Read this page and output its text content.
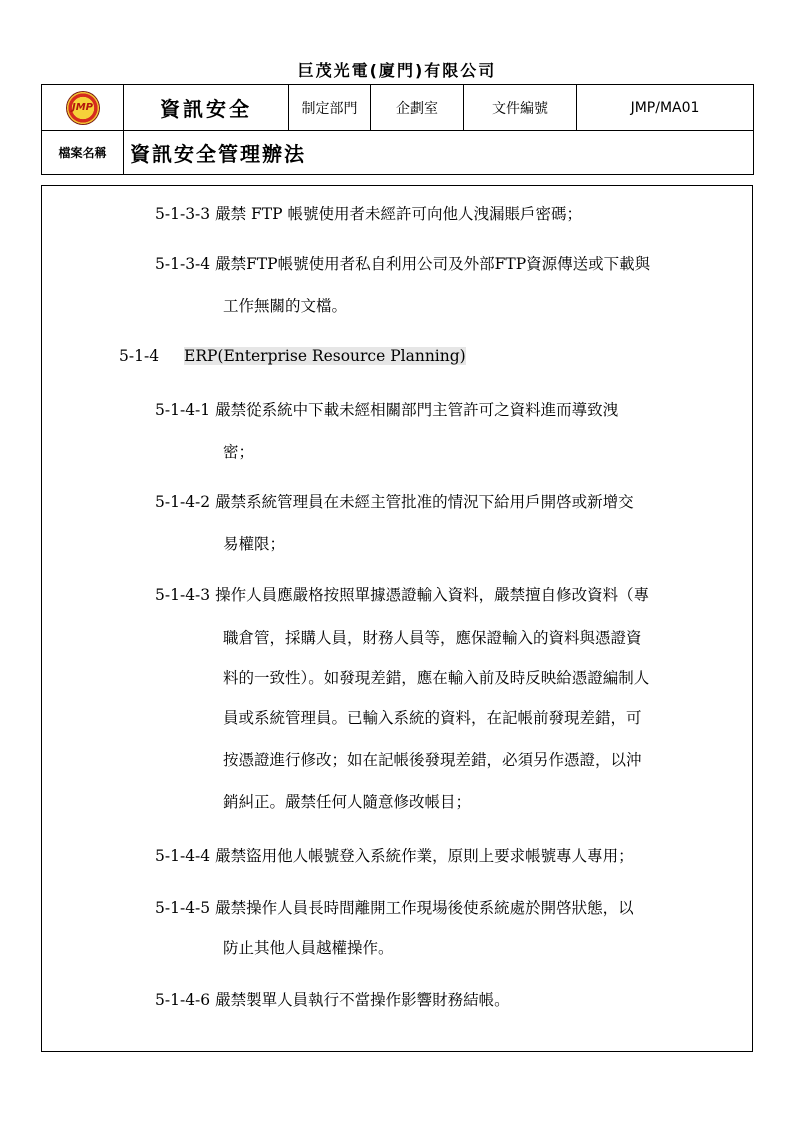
巨茂光電(廈門)有限公司
JMP	資訊安全	制定部門	企劃室	文件編號	JMP/MA01
檔案名稱	資訊安全管理辦法				
5-1-3-3 嚴禁 FTP 帳號使用者未經許可向他人洩漏賬戶密碼；
5-1-3-4 嚴禁FTP帳號使用者私自利用公司及外部FTP資源傳送或下載與
工作無關的文檔。
5-1-4 ERP(Enterprise Resource Planning)
5-1-4-1 嚴禁從系統中下載未經相關部門主管許可之資料進而導致洩
密；
5-1-4-2 嚴禁系統管理員在未經主管批准的情況下給用戶開啓或新增交
易權限；
5-1-4-3 操作人員應嚴格按照單據憑證輸入資料，嚴禁擅自修改資料（專
職倉管，採購人員，財務人員等，應保證輸入的資料與憑證資
料的一致性）。如發現差錯，應在輸入前及時反映給憑證編制人
員或系統管理員。已輸入系統的資料，在記帳前發現差錯，可
按憑證進行修改；如在記帳後發現差錯，必須另作憑證，以沖
銷糾正。嚴禁任何人隨意修改帳目；
5-1-4-4 嚴禁盜用他人帳號登入系統作業，原則上要求帳號專人專用；
5-1-4-5 嚴禁操作人員長時間離開工作現場後使系統處於開啓狀態，以
防止其他人員越權操作。
5-1-4-6 嚴禁製單人員執行不當操作影響財務結帳。
